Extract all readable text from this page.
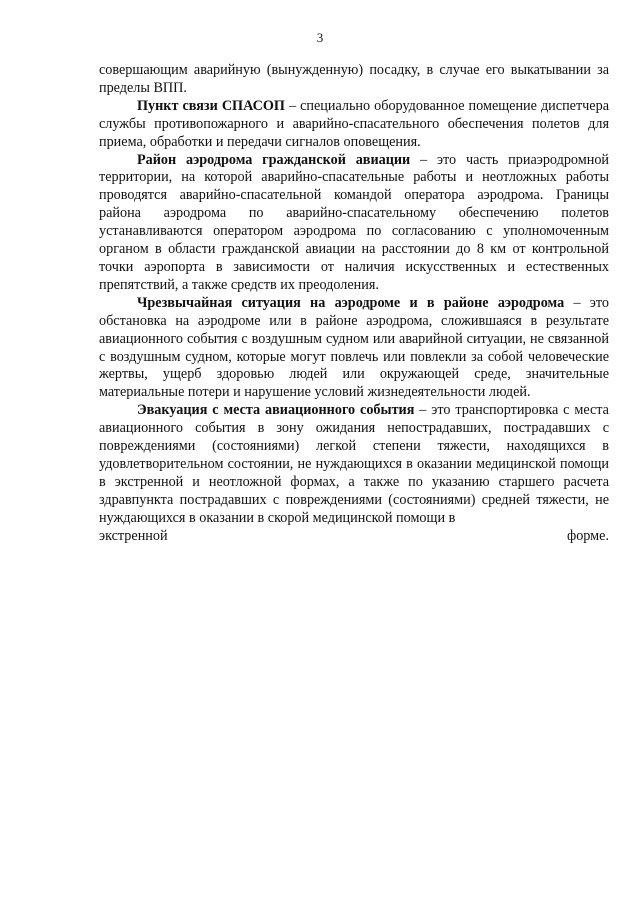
3

совершающим аварийную (вынужденную) посадку, в случае его выкатывании за пределы ВПП.

Пункт связи СПАСОП – специально оборудованное помещение диспетчера службы противопожарного и аварийно-спасательного обеспечения полетов для приема, обработки и передачи сигналов оповещения.

Район аэродрома гражданской авиации – это часть приаэродромной территории, на которой аварийно-спасательные работы и неотложных работы проводятся аварийно-спасательной командой оператора аэродрома. Границы района аэродрома по аварийно-спасательному обеспечению полетов устанавливаются оператором аэродрома по согласованию с уполномоченным органом в области гражданской авиации на расстоянии до 8 км от контрольной точки аэропорта в зависимости от наличия искусственных и естественных препятствий, а также средств их преодоления.

Чрезвычайная ситуация на аэродроме и в районе аэродрома – это обстановка на аэродроме или в районе аэродрома, сложившаяся в результате авиационного события с воздушным судном или аварийной ситуации, не связанной с воздушным судном, которые могут повлечь или повлекли за собой человеческие жертвы, ущерб здоровью людей или окружающей среде, значительные материальные потери и нарушение условий жизнедеятельности людей.

Эвакуация с места авиационного события – это транспортировка с места авиационного события в зону ожидания непострадавших, пострадавших с повреждениями (состояниями) легкой степени тяжести, находящихся в удовлетворительном состоянии, не нуждающихся в оказании медицинской помощи в экстренной и неотложной формах, а также по указанию старшего расчета здравпункта пострадавших с повреждениями (состояниями) средней тяжести, не нуждающихся в оказании в скорой медицинской помощи в

экстренной	форме.
